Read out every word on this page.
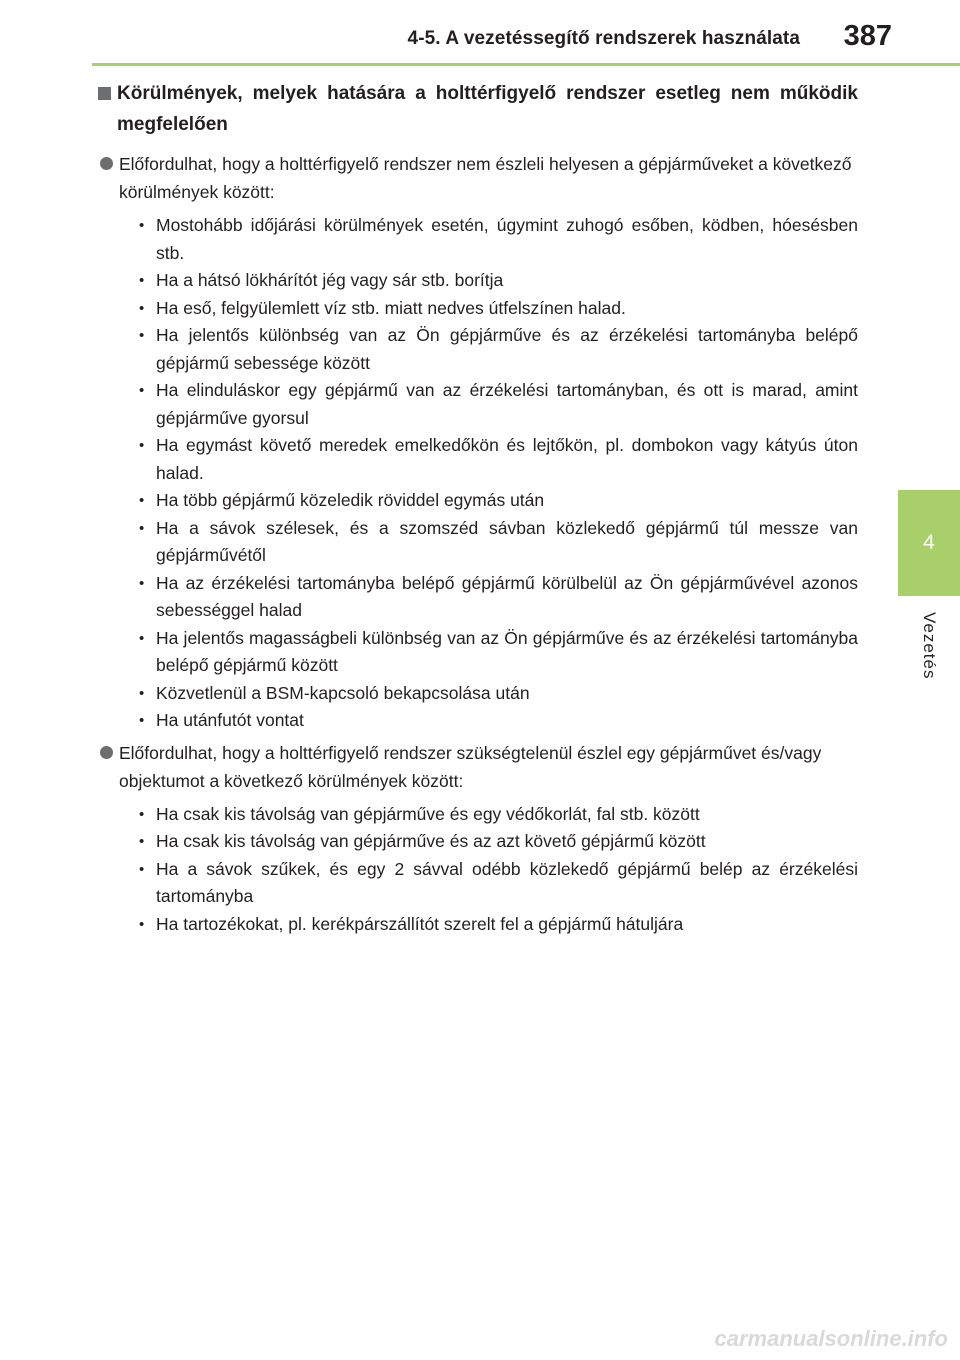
4-5. A vezetéssegítő rendszerek használata 387
4
Vezetés
Körülmények, melyek hatására a holttérfigyelő rendszer esetleg nem működik megfelelően
Előfordulhat, hogy a holttérfigyelő rendszer nem észleli helyesen a gépjárműveket a következő körülmények között:
• Mostohább időjárási körülmények esetén, úgymint zuhogó esőben, ködben, hóesésben stb.
• Ha a hátsó lökhárítót jég vagy sár stb. borítja
• Ha eső, felgyülemlett víz stb. miatt nedves útfelszínen halad.
• Ha jelentős különbség van az Ön gépjárműve és az érzékelési tartományba belépő gépjármű sebessége között
• Ha elinduláskor egy gépjármű van az érzékelési tartományban, és ott is marad, amint gépjárműve gyorsul
• Ha egymást követő meredek emelkedőkön és lejtőkön, pl. dombokon vagy kátyús úton halad.
• Ha több gépjármű közeledik röviddel egymás után
• Ha a sávok szélesek, és a szomszéd sávban közlekedő gépjármű túl messze van gépjárművétől
• Ha az érzékelési tartományba belépő gépjármű körülbelül az Ön gépjárművével azonos sebességgel halad
• Ha jelentős magasságbeli különbség van az Ön gépjárműve és az érzékelési tartományba belépő gépjármű között
• Közvetlenül a BSM-kapcsoló bekapcsolása után
• Ha utánfutót vontat
Előfordulhat, hogy a holttérfigyelő rendszer szükségtelenül észlel egy gépjárművet és/vagy objektumot a következő körülmények között:
• Ha csak kis távolság van gépjárműve és egy védőkorlát, fal stb. között
• Ha csak kis távolság van gépjárműve és az azt követő gépjármű között
• Ha a sávok szűkek, és egy 2 sávval odébb közlekedő gépjármű belép az érzékelési tartományba
• Ha tartozékokat, pl. kerékpárszállítót szerelt fel a gépjármű hátuljára
carmanualsonline.info
